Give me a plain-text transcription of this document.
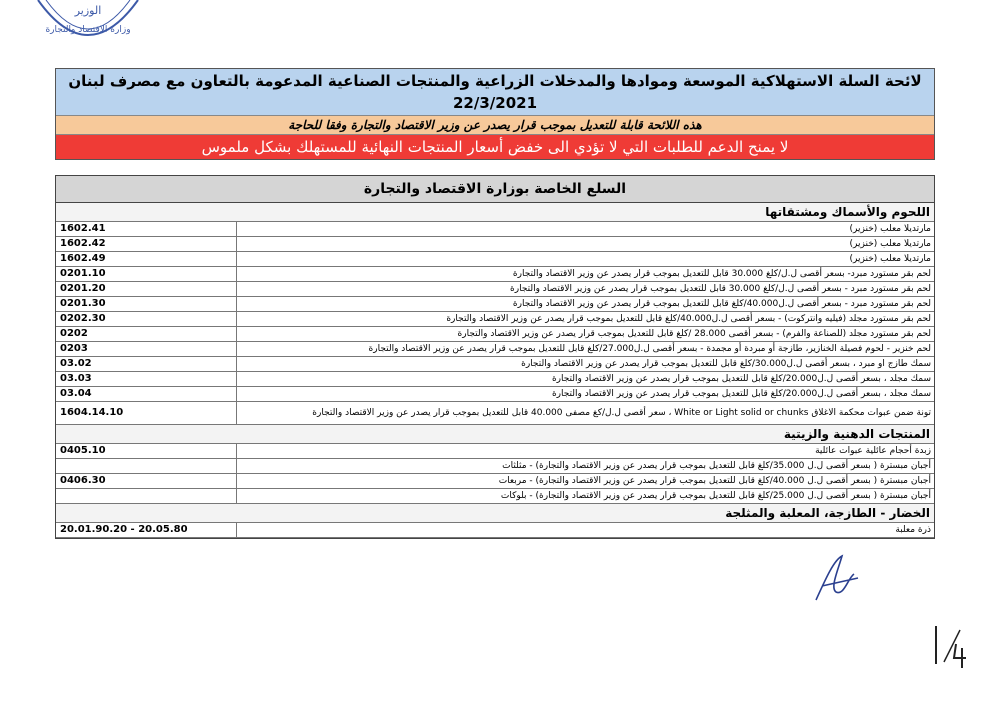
الوزير
وزارة الاقتصاد والتجارة
لائحة السلة الاستهلاكية الموسعة وموادها والمدخلات الزراعية والمنتجات الصناعية المدعومة بالتعاون مع مصرف لبنان
22/3/2021
هذه اللائحة قابلة للتعديل بموجب قرار يصدر عن وزير الاقتصاد والتجارة وفقا للحاجة
لا يمنح الدعم للطلبات التي لا تؤدي الى خفض أسعار المنتجات النهائية للمستهلك بشكل ملموس
السلع الخاصة بوزارة الاقتصاد والتجارة
اللحوم والأسماك ومشتقاتها
مارتديلا معلب (خنزير)
1602.41
مارتديلا معلب (خنزير)
1602.42
مارتديلا معلب (خنزير)
1602.49
لحم بقر مستورد مبرد- بسعر أقصى ل.ل/كلغ 30.000 قابل للتعديل بموجب قرار يصدر عن وزير الاقتصاد والتجارة
0201.10
لحم بقر مستورد مبرد - بسعر أقصى ل.ل/كلغ 30.000 قابل للتعديل بموجب قرار يصدر عن وزير الاقتصاد والتجارة
0201.20
لحم بقر مستورد مبرد - بسعر أقصى ل.ل40.000/كلغ قابل للتعديل بموجب قرار يصدر عن وزير الاقتصاد والتجارة
0201.30
لحم بقر مستورد مجلد (فيليه وانتركوت) - بسعر أقصى ل.ل40.000/كلغ قابل للتعديل بموجب قرار يصدر عن وزير الاقتصاد والتجارة
0202.30
لحم بقر مستورد مجلد (للصناعة والفرم) - بسعر أقصى 28.000 /كلغ قابل للتعديل بموجب قرار يصدر عن وزير الاقتصاد والتجارة
0202
لحم خنزير - لحوم فصيلة الخنازير، طازجة أو مبردة أو مجمدة - بسعر أقصى ل.ل27.000/كلغ قابل للتعديل بموجب قرار يصدر عن وزير الاقتصاد والتجارة
0203
سمك طازج او مبرد ، بسعر أقصى ل.ل30.000/كلغ قابل للتعديل بموجب قرار يصدر عن وزير الاقتصاد والتجارة
03.02
سمك مجلد ، بسعر أقصى ل.ل20.000/كلغ قابل للتعديل بموجب قرار يصدر عن وزير الاقتصاد والتجارة
03.03
سمك مجلد ، بسعر أقصى ل.ل20.000/كلغ قابل للتعديل بموجب قرار يصدر عن وزير الاقتصاد والتجارة
03.04
تونة ضمن عبوات محكمة الاغلاق White or Light solid or chunks ، سعر أقصى ل.ل/كغ مصفى 40.000 قابل للتعديل بموجب قرار يصدر عن وزير الاقتصاد والتجارة
1604.14.10
المنتجات الدهنية والزيتية
زبدة أحجام عائلية عبوات عائلية
0405.10
أجبان مبسترة ( بسعر أقصى ل.ل 35.000/كلغ قابل للتعديل بموجب قرار يصدر عن وزير الاقتصاد والتجارة) - مثلثات
أجبان مبسترة ( بسعر أقصى ل.ل 40.000/كلغ قابل للتعديل بموجب قرار يصدر عن وزير الاقتصاد والتجارة) - مربعات
0406.30
أجبان مبسترة ( بسعر أقصى ل.ل 25.000/كلغ قابل للتعديل بموجب قرار يصدر عن وزير الاقتصاد والتجارة) - بلوكات
الخضار - الطازجة، المعلبة والمثلجة
ذرة معلبة
20.05.80 - 20.01.90.20
